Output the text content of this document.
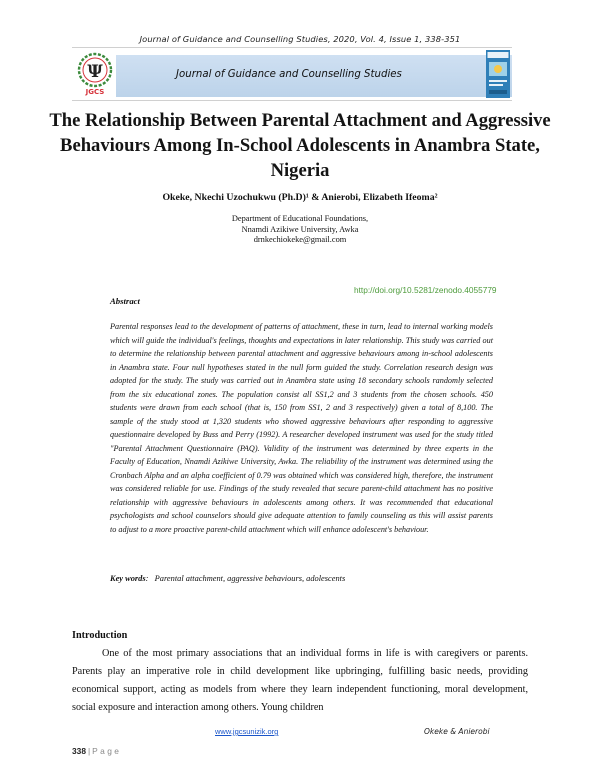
Journal of Guidance and Counselling Studies, 2020, Vol. 4, Issue 1, 338-351
Journal of Guidance and Counselling Studies
Ψ
JGCS
The Relationship Between Parental Attachment and Aggressive Behaviours Among In-School Adolescents in Anambra State, Nigeria
Okeke, Nkechi Uzochukwu (Ph.D)¹ & Anierobi, Elizabeth Ifeoma²
Department of Educational Foundations,
Nnamdi Azikiwe University, Awka
drnkechiokeke@gmail.com
http://doi.org/10.5281/zenodo.4055779
Abstract
Parental responses lead to the development of patterns of attachment, these in turn, lead to internal working models which will guide the individual's feelings, thoughts and expectations in later relationship. This study was carried out to determine the relationship between parental attachment and aggressive behaviours among in-school adolescents in Anambra state. Four null hypotheses stated in the null form guided the study. Correlation research design was adopted for the study. The study was carried out in Anambra state using 18 secondary schools randomly selected from the six educational zones. The population consist all SS1,2 and 3 students from the chosen schools. 450 students were drawn from each school (that is, 150 from SS1, 2 and 3 respectively) given a total of 8,100. The sample of the study stood at 1,320 students who showed aggressive behaviours after responding to aggressive questionnaire developed by Buss and Perry (1992). A researcher developed instrument was used for the study titled "Parental Attachment Questionnaire (PAQ). Validity of the instrument was determined by three experts in the Faculty of Education, Nnamdi Azikiwe University, Awka. The reliability of the instrument was determined using the Cronbach Alpha and an alpha coefficient of 0.79 was obtained which was considered high, therefore, the instrument was considered reliable for use. Findings of the study revealed that secure parent-child attachment has no positive relationship with aggressive behaviours in adolescents among others. It was recommended that educational psychologists and school counselors should give adequate attention to family counseling as this will assist parents to adjust to a more proactive parent-child attachment which will enhance adolescent's behaviour.
Key words:   Parental attachment, aggressive behaviours, adolescents
Introduction
One of the most primary associations that an individual forms in life is with caregivers or parents. Parents play an imperative role in child development like upbringing, fulfilling basic needs, providing economical support, acting as models from where they learn independent functioning, moral development, social exposure and interaction among others. Young children
www.jgcsunizik.org	Okeke & Anierobi
338 | Page
